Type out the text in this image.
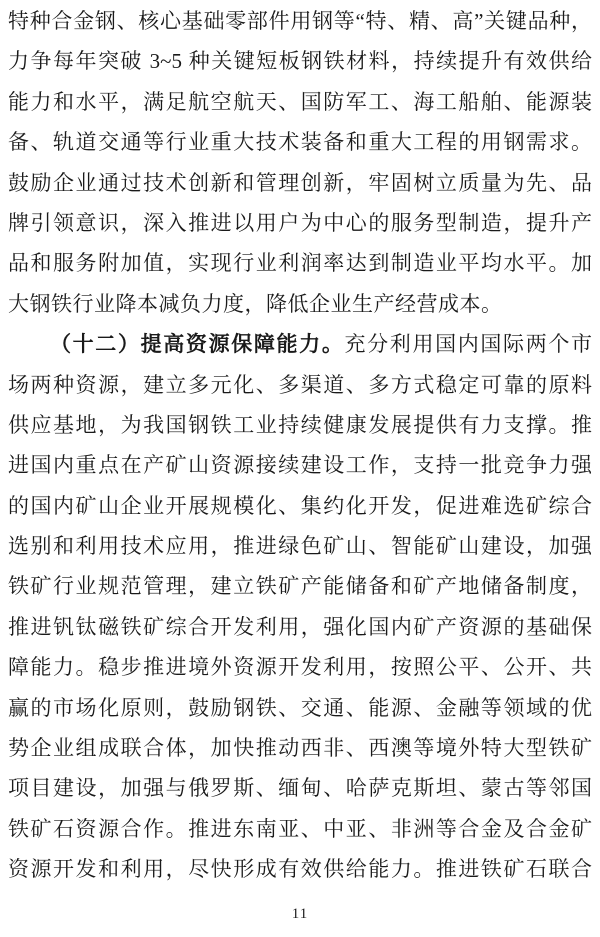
特种合金钢、核心基础零部件用钢等“特、精、高”关键品种，
力争每年突破 3~5 种关键短板钢铁材料，持续提升有效供给
能力和水平，满足航空航天、国防军工、海工船舶、能源装
备、轨道交通等行业重大技术装备和重大工程的用钢需求。
鼓励企业通过技术创新和管理创新，牢固树立质量为先、品
牌引领意识，深入推进以用户为中心的服务型制造，提升产
品和服务附加值，实现行业利润率达到制造业平均水平。加
大钢铁行业降本减负力度，降低企业生产经营成本。
（十二）提高资源保障能力。充分利用国内国际两个市
场两种资源，建立多元化、多渠道、多方式稳定可靠的原料
供应基地，为我国钢铁工业持续健康发展提供有力支撑。推
进国内重点在产矿山资源接续建设工作，支持一批竞争力强
的国内矿山企业开展规模化、集约化开发，促进难选矿综合
选别和利用技术应用，推进绿色矿山、智能矿山建设，加强
铁矿行业规范管理，建立铁矿产能储备和矿产地储备制度，
推进钒钛磁铁矿综合开发利用，强化国内矿产资源的基础保
障能力。稳步推进境外资源开发利用，按照公平、公开、共
赢的市场化原则，鼓励钢铁、交通、能源、金融等领域的优
势企业组成联合体，加快推动西非、西澳等境外特大型铁矿
项目建设，加强与俄罗斯、缅甸、哈萨克斯坦、蒙古等邻国
铁矿石资源合作。推进东南亚、中亚、非洲等合金及合金矿
资源开发和利用，尽快形成有效供给能力。推进铁矿石联合
11
